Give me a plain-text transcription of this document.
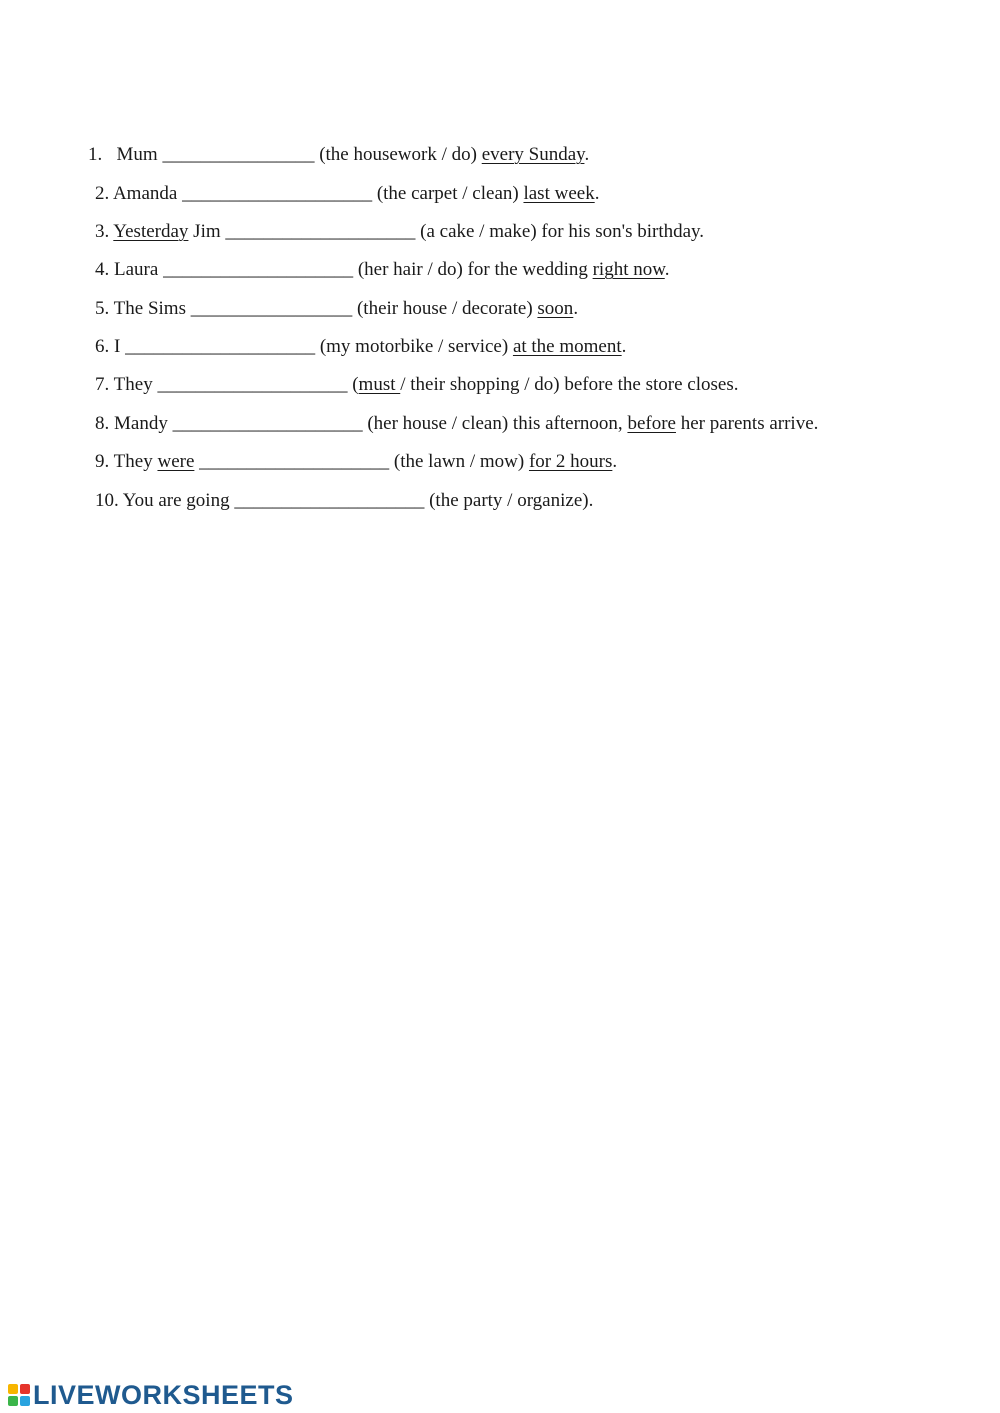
1.   Mum ________________ (the housework / do) every Sunday.
2. Amanda ____________________ (the carpet / clean) last week.
3. Yesterday Jim ____________________ (a cake / make) for his son's birthday.
4. Laura ____________________ (her hair / do) for the wedding right now.
5. The Sims _________________ (their house / decorate) soon.
6. I ____________________ (my motorbike / service) at the moment.
7. They ____________________ (must / their shopping / do) before the store closes.
8. Mandy ____________________ (her house / clean) this afternoon, before her parents arrive.
9. They were ____________________ (the lawn / mow) for 2 hours.
10. You are going ____________________ (the party / organize).
LIVEWORKSHEETS
